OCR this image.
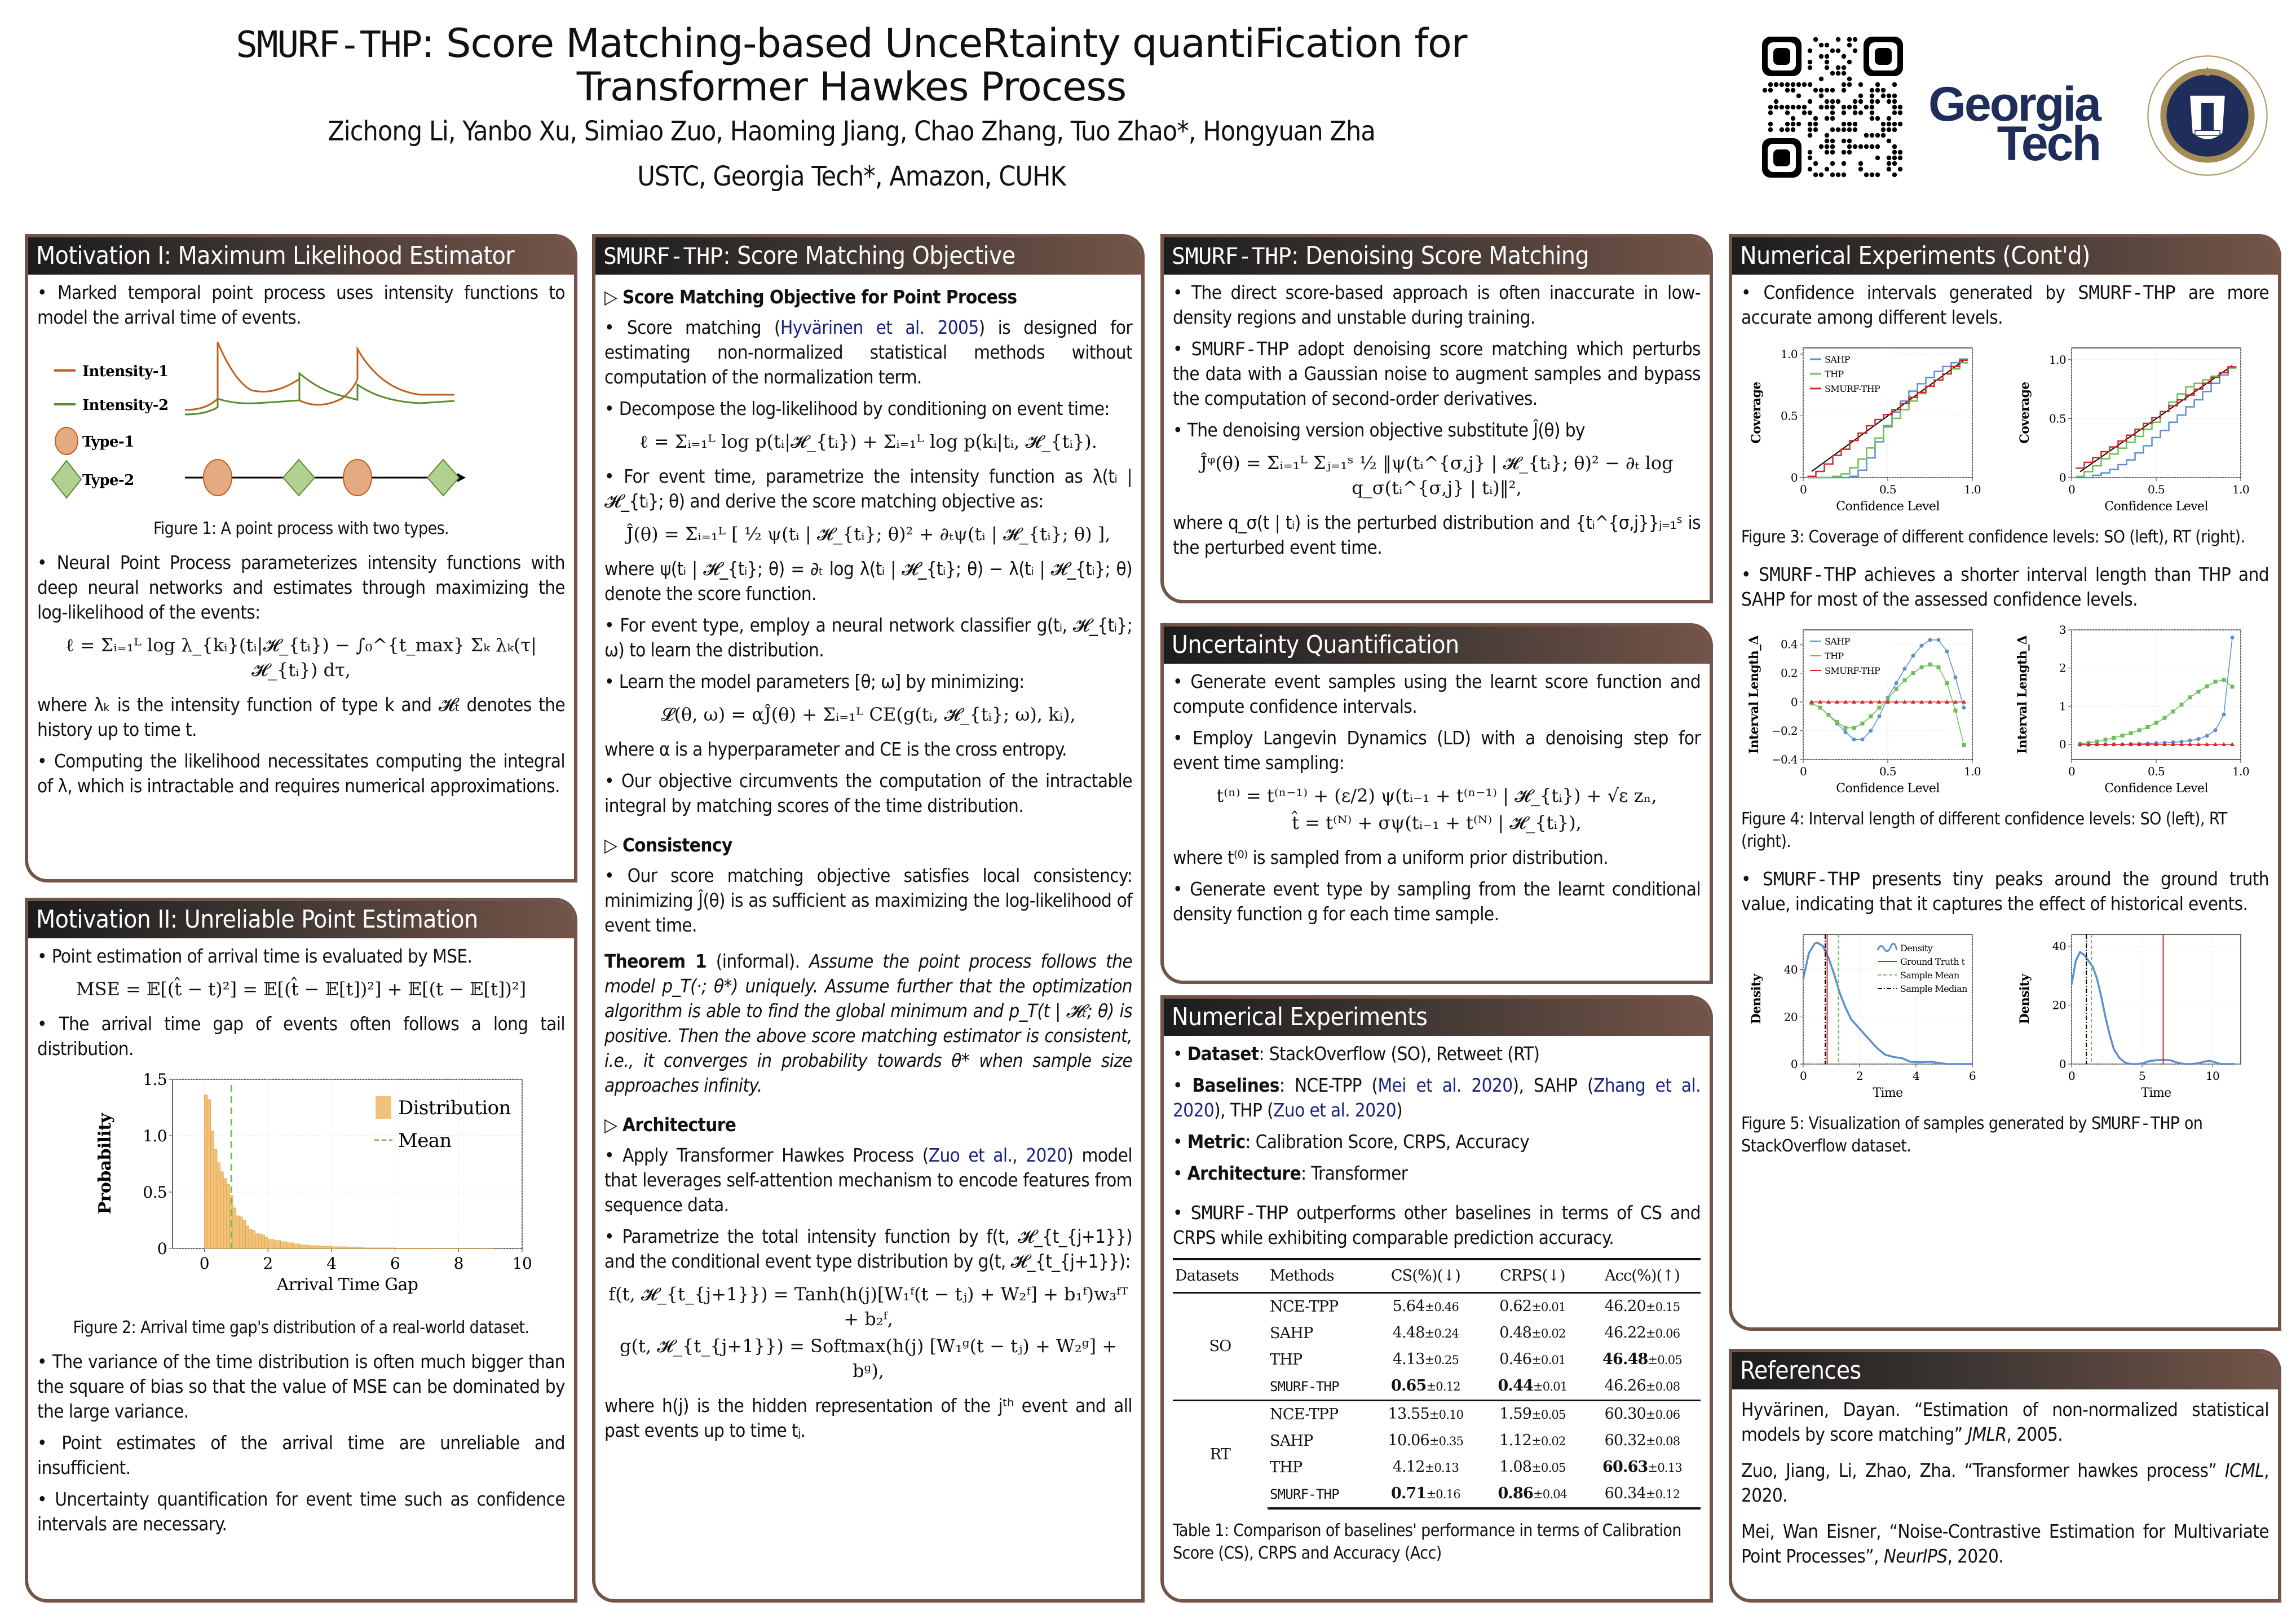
SMURF-THP: Score Matching-based UnceRtainty quantiFication for
Transformer Hawkes Process
Zichong Li, Yanbo Xu, Simiao Zuo, Haoming Jiang, Chao Zhang, Tuo Zhao*, Hongyuan Zha
USTC, Georgia Tech*, Amazon, CUHK
Georgia
Tech
Motivation I: Maximum Likelihood Estimator

• Marked temporal point process uses intensity functions to model the arrival time of events.

Intensity-1
Intensity-2
Type-1
Type-2
Figure 1: A point process with two types.

• Neural Point Process parameterizes intensity functions with deep neural networks and estimates through maximizing the log-likelihood of the events:

ℓ = Σᵢ₌₁ᴸ log λ_{kᵢ}(tᵢ|𝓗_{tᵢ}) − ∫₀^{t_max} Σₖ λₖ(τ|𝓗_{tᵢ}) dτ,

where λₖ is the intensity function of type k and 𝓗ₜ denotes the history up to time t.

• Computing the likelihood necessitates computing the integral of λ, which is intractable and requires numerical approximations.

Motivation II: Unreliable Point Estimation

• Point estimation of arrival time is evaluated by MSE.

MSE = 𝔼[(t̂ − t)²] = 𝔼[(t̂ − 𝔼[t])²] + 𝔼[(t − 𝔼[t])²]

• The arrival time gap of events often follows a long tail distribution.

0	2	4	6	8	10
0
0.5
1.0
1.5
Arrival Time Gap
Probability
Distribution
Mean
Figure 2: Arrival time gap's distribution of a real-world dataset.

• The variance of the time distribution is often much bigger than the square of bias so that the value of MSE can be dominated by the large variance.

• Point estimates of the arrival time are unreliable and insufficient.

• Uncertainty quantification for event time such as confidence intervals are necessary.

SMURF-THP: Score Matching Objective
▷ Score Matching Objective for Point Process

• Score matching (Hyvärinen et al. 2005) is designed for estimating non-normalized statistical methods without computation of the normalization term.

• Decompose the log-likelihood by conditioning on event time:

ℓ = Σᵢ₌₁ᴸ log p(tᵢ|𝓗_{tᵢ}) + Σᵢ₌₁ᴸ log p(kᵢ|tᵢ, 𝓗_{tᵢ}).

• For event time, parametrize the intensity function as λ(tᵢ | 𝓗_{tᵢ}; θ) and derive the score matching objective as:

Ĵ(θ) = Σᵢ₌₁ᴸ [ ½ ψ(tᵢ | 𝓗_{tᵢ}; θ)² + ∂ₜψ(tᵢ | 𝓗_{tᵢ}; θ) ],

where ψ(tᵢ | 𝓗_{tᵢ}; θ) = ∂ₜ log λ(tᵢ | 𝓗_{tᵢ}; θ) − λ(tᵢ | 𝓗_{tᵢ}; θ) denote the score function.

• For event type, employ a neural network classifier g(tᵢ, 𝓗_{tᵢ}; ω) to learn the distribution.

• Learn the model parameters [θ; ω] by minimizing:

𝓛(θ, ω) = αĴ(θ) + Σᵢ₌₁ᴸ CE(g(tᵢ, 𝓗_{tᵢ}; ω), kᵢ),

where α is a hyperparameter and CE is the cross entropy.

• Our objective circumvents the computation of the intractable integral by matching scores of the time distribution.

▷ Consistency

• Our score matching objective satisfies local consistency: minimizing Ĵ(θ) is as sufficient as maximizing the log-likelihood of event time.

Theorem 1 (informal). Assume the point process follows the model p_T(·; θ*) uniquely. Assume further that the optimization algorithm is able to find the global minimum and p_T(t | 𝓗ₜ; θ) is positive. Then the above score matching estimator is consistent, i.e., it converges in probability towards θ* when sample size approaches infinity.

▷ Architecture

• Apply Transformer Hawkes Process (Zuo et al., 2020) model that leverages self-attention mechanism to encode features from sequence data.

• Parametrize the total intensity function by f(t, 𝓗_{t_{j+1}}) and the conditional event type distribution by g(t, 𝓗_{t_{j+1}}):

f(t, 𝓗_{t_{j+1}}) = Tanh(h(j)[W₁ᶠ(t − tⱼ) + W₂ᶠ] + b₁ᶠ)w₃ᶠᵀ + b₂ᶠ,
g(t, 𝓗_{t_{j+1}}) = Softmax(h(j) [W₁ᵍ(t − tⱼ) + W₂ᵍ] + bᵍ),

where h(j) is the hidden representation of the jᵗʰ event and all past events up to time tⱼ.

SMURF-THP: Denoising Score Matching

• The direct score-based approach is often inaccurate in low-density regions and unstable during training.

• SMURF-THP adopt denoising score matching which perturbs the data with a Gaussian noise to augment samples and bypass the computation of second-order derivatives.

• The denoising version objective substitute Ĵ(θ) by

Ĵᵠ(θ) = Σᵢ₌₁ᴸ Σⱼ₌₁ˢ ½ ‖ψ(tᵢ^{σ,j} | 𝓗_{tᵢ}; θ)² − ∂ₜ log q_σ(tᵢ^{σ,j} | tᵢ)‖²,

where q_σ(t | tᵢ) is the perturbed distribution and {tᵢ^{σ,j}}ⱼ₌₁ˢ is the perturbed event time.

Uncertainty Quantification

• Generate event samples using the learnt score function and compute confidence intervals.

• Employ Langevin Dynamics (LD) with a denoising step for event time sampling:

t⁽ⁿ⁾ = t⁽ⁿ⁻¹⁾ + (ε/2) ψ(tᵢ₋₁ + t⁽ⁿ⁻¹⁾ | 𝓗_{tᵢ}) + √ε zₙ,
t̂ = t⁽ᴺ⁾ + σψ(tᵢ₋₁ + t⁽ᴺ⁾ | 𝓗_{tᵢ}),

where t⁽⁰⁾ is sampled from a uniform prior distribution.

• Generate event type by sampling from the learnt conditional density function g for each time sample.

Numerical Experiments

• Dataset: StackOverflow (SO), Retweet (RT)

• Baselines: NCE-TPP (Mei et al. 2020), SAHP (Zhang et al. 2020), THP (Zuo et al. 2020)

• Metric: Calibration Score, CRPS, Accuracy

• Architecture: Transformer

• SMURF-THP outperforms other baselines in terms of CS and CRPS while exhibiting comparable prediction accuracy.

Datasets	Methods	CS(%)(↓)	CRPS(↓)	Acc(%)(↑)
SO	NCE-TPP	5.64±0.46	0.62±0.01	46.20±0.15
	SAHP	4.48±0.24	0.48±0.02	46.22±0.06
	THP	4.13±0.25	0.46±0.01	46.48±0.05
	SMURF-THP	0.65±0.12	0.44±0.01	46.26±0.08
RT	NCE-TPP	13.55±0.10	1.59±0.05	60.30±0.06
	SAHP	10.06±0.35	1.12±0.02	60.32±0.08
	THP	4.12±0.13	1.08±0.05	60.63±0.13
	SMURF-THP	0.71±0.16	0.86±0.04	60.34±0.12
Table 1: Comparison of baselines' performance in terms of Calibration Score (CS), CRPS and Accuracy (Acc)
Numerical Experiments (Cont'd)

• Confidence intervals generated by SMURF-THP are more accurate among different levels.

0	0.5	1.0
0
0.5
1.0
Confidence Level
Coverage
SAHP
THP
SMURF-THP
0	0.5	1.0
0
0.5
1.0
Confidence Level
Coverage
Figure 3: Coverage of different confidence levels: SO (left), RT (right).

• SMURF-THP achieves a shorter interval length than THP and SAHP for most of the assessed confidence levels.

0	0.5	1.0
−0.4
−0.2
0
0.2
0.4
Confidence Level
Interval Length_Δ	SAHP
THP
SMURF-THP
0	0.5	1.0
0
1
2
3
Confidence Level
Interval Length_Δ
Figure 4: Interval length of different confidence levels: SO (left), RT (right).

• SMURF-THP presents tiny peaks around the ground truth value, indicating that it captures the effect of historical events.

0	2	4	6
0
20
40
Time
Density
Density
Ground Truth t
Sample Mean
Sample Median
0	5	10
0
20
40
Time
Density
Figure 5: Visualization of samples generated by SMURF-THP on StackOverflow dataset.
References

Hyvärinen, Dayan. “Estimation of non-normalized statistical models by score matching” JMLR, 2005.

Zuo, Jiang, Li, Zhao, Zha. “Transformer hawkes process” ICML, 2020.

Mei, Wan Eisner, “Noise-Contrastive Estimation for Multivariate Point Processes”, NeurIPS, 2020.
